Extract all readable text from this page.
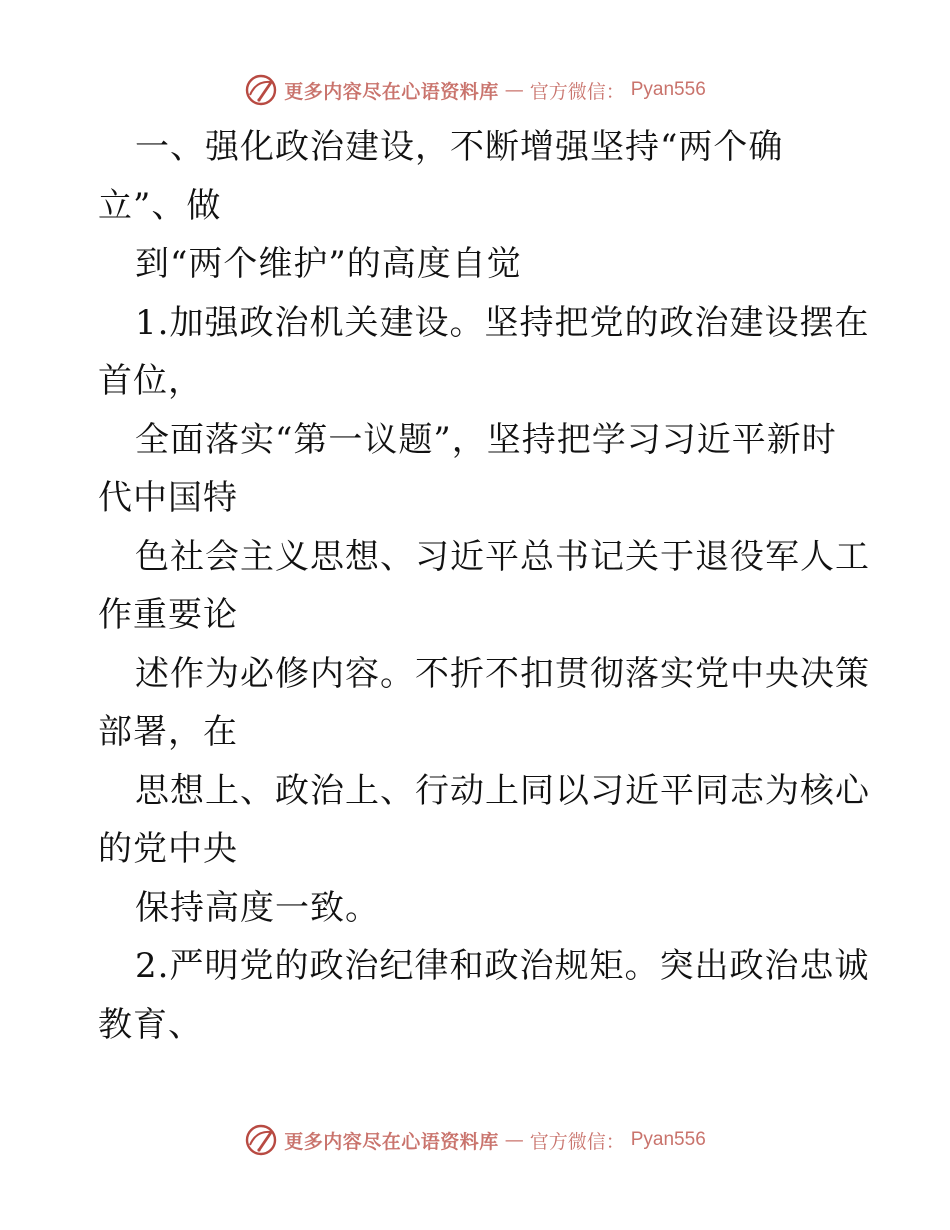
更多内容尽在心语资料库 — 官方微信： Pyan556
一、强化政治建设，不断增强坚持“两个确
立”、做
到“两个维护”的高度自觉
1.加强政治机关建设。坚持把党的政治建设摆在
首位，
全面落实“第一议题”，坚持把学习习近平新时
代中国特
色社会主义思想、习近平总书记关于退役军人工
作重要论
述作为必修内容。不折不扣贯彻落实党中央决策
部署，在
思想上、政治上、行动上同以习近平同志为核心
的党中央
保持高度一致。
2.严明党的政治纪律和政治规矩。突出政治忠诚
教育、
更多内容尽在心语资料库 — 官方微信： Pyan556
